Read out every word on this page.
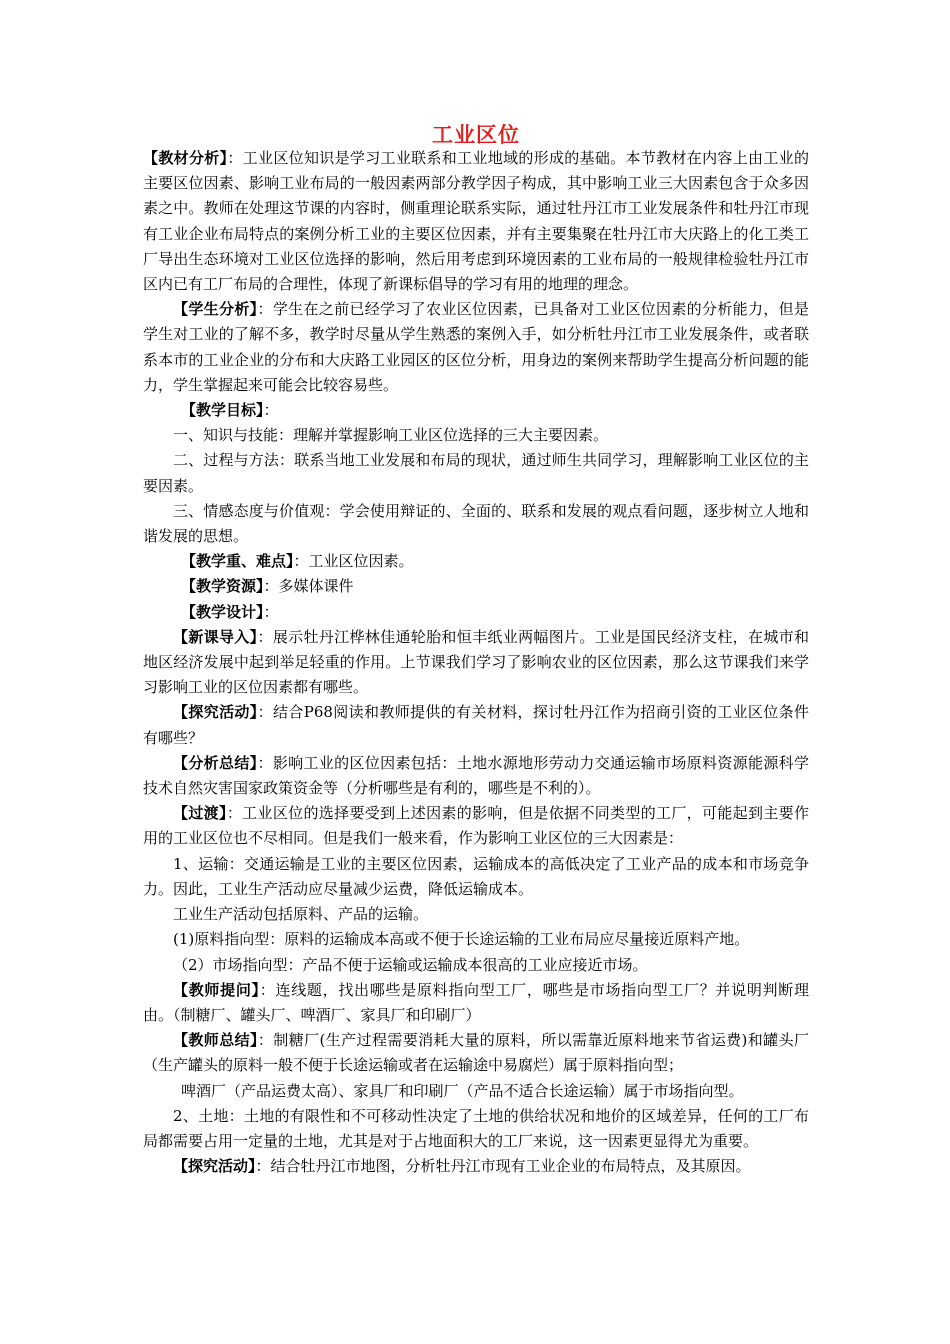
工业区位

【教材分析】：工业区位知识是学习工业联系和工业地域的形成的基础。本节教材在内容上由工业的主要区位因素、影响工业布局的一般因素两部分教学因子构成，其中影响工业三大因素包含于众多因素之中。教师在处理这节课的内容时，侧重理论联系实际，通过牡丹江市工业发展条件和牡丹江市现有工业企业布局特点的案例分析工业的主要区位因素，并有主要集聚在牡丹江市大庆路上的化工类工厂导出生态环境对工业区位选择的影响，然后用考虑到环境因素的工业布局的一般规律检验牡丹江市区内已有工厂布局的合理性，体现了新课标倡导的学习有用的地理的理念。

【学生分析】：学生在之前已经学习了农业区位因素，已具备对工业区位因素的分析能力，但是学生对工业的了解不多，教学时尽量从学生熟悉的案例入手，如分析牡丹江市工业发展条件，或者联系本市的工业企业的分布和大庆路工业园区的区位分析，用身边的案例来帮助学生提高分析问题的能力，学生掌握起来可能会比较容易些。

【教学目标】：

一、知识与技能：理解并掌握影响工业区位选择的三大主要因素。

二、过程与方法：联系当地工业发展和布局的现状，通过师生共同学习，理解影响工业区位的主要因素。

三、情感态度与价值观：学会使用辩证的、全面的、联系和发展的观点看问题，逐步树立人地和谐发展的思想。

【教学重、难点】：工业区位因素。

【教学资源】：多媒体课件

【教学设计】：

【新课导入】：展示牡丹江桦林佳通轮胎和恒丰纸业两幅图片。工业是国民经济支柱，在城市和地区经济发展中起到举足轻重的作用。上节课我们学习了影响农业的区位因素，那么这节课我们来学习影响工业的区位因素都有哪些。

【探究活动】：结合P68阅读和教师提供的有关材料，探讨牡丹江作为招商引资的工业区位条件有哪些？

【分析总结】：影响工业的区位因素包括：土地水源地形劳动力交通运输市场原料资源能源科学技术自然灾害国家政策资金等（分析哪些是有利的，哪些是不利的）。

【过渡】：工业区位的选择要受到上述因素的影响，但是依据不同类型的工厂，可能起到主要作用的工业区位也不尽相同。但是我们一般来看，作为影响工业区位的三大因素是：

1、运输：交通运输是工业的主要区位因素，运输成本的高低决定了工业产品的成本和市场竞争力。因此，工业生产活动应尽量减少运费，降低运输成本。

工业生产活动包括原料、产品的运输。

(1)原料指向型：原料的运输成本高或不便于长途运输的工业布局应尽量接近原料产地。

（2）市场指向型：产品不便于运输或运输成本很高的工业应接近市场。

【教师提问】：连线题，找出哪些是原料指向型工厂，哪些是市场指向型工厂？并说明判断理由。（制糖厂、罐头厂、啤酒厂、家具厂和印刷厂）

【教师总结】：制糖厂(生产过程需要消耗大量的原料，所以需靠近原料地来节省运费)和罐头厂（生产罐头的原料一般不便于长途运输或者在运输途中易腐烂）属于原料指向型；

啤酒厂（产品运费太高）、家具厂和印刷厂（产品不适合长途运输）属于市场指向型。

2、土地：土地的有限性和不可移动性决定了土地的供给状况和地价的区域差异，任何的工厂布局都需要占用一定量的土地，尤其是对于占地面积大的工厂来说，这一因素更显得尤为重要。

【探究活动】：结合牡丹江市地图，分析牡丹江市现有工业企业的布局特点，及其原因。
